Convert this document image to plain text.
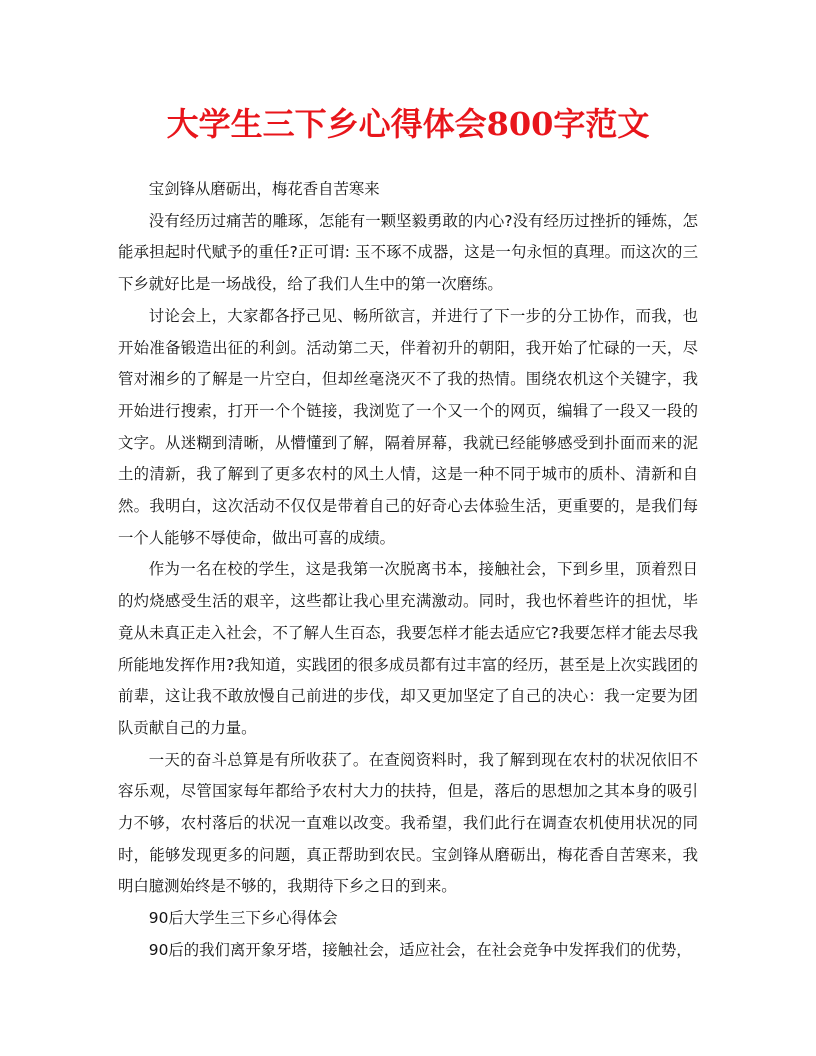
大学生三下乡心得体会800字范文

宝剑锋从磨砺出，梅花香自苦寒来

没有经历过痛苦的雕琢，怎能有一颗坚毅勇敢的内心?没有经历过挫折的锤炼，怎能承担起时代赋予的重任?正可谓: 玉不琢不成器，这是一句永恒的真理。而这次的三下乡就好比是一场战役，给了我们人生中的第一次磨练。

讨论会上，大家都各抒己见、畅所欲言，并进行了下一步的分工协作，而我，也开始准备锻造出征的利剑。活动第二天，伴着初升的朝阳，我开始了忙碌的一天，尽管对湘乡的了解是一片空白，但却丝毫浇灭不了我的热情。围绕农机这个关键字，我开始进行搜索，打开一个个链接，我浏览了一个又一个的网页，编辑了一段又一段的文字。从迷糊到清晰，从懵懂到了解，隔着屏幕，我就已经能够感受到扑面而来的泥土的清新，我了解到了更多农村的风土人情，这是一种不同于城市的质朴、清新和自然。我明白，这次活动不仅仅是带着自己的好奇心去体验生活，更重要的，是我们每一个人能够不辱使命，做出可喜的成绩。

作为一名在校的学生，这是我第一次脱离书本，接触社会，下到乡里，顶着烈日的灼烧感受生活的艰辛，这些都让我心里充满激动。同时，我也怀着些许的担忧，毕竟从未真正走入社会，不了解人生百态，我要怎样才能去适应它?我要怎样才能去尽我所能地发挥作用?我知道，实践团的很多成员都有过丰富的经历，甚至是上次实践团的前辈，这让我不敢放慢自己前进的步伐，却又更加坚定了自己的决心：我一定要为团队贡献自己的力量。

一天的奋斗总算是有所收获了。在查阅资料时，我了解到现在农村的状况依旧不容乐观，尽管国家每年都给予农村大力的扶持，但是，落后的思想加之其本身的吸引力不够，农村落后的状况一直难以改变。我希望，我们此行在调查农机使用状况的同时，能够发现更多的问题，真正帮助到农民。宝剑锋从磨砺出，梅花香自苦寒来，我明白臆测始终是不够的，我期待下乡之日的到来。

90后大学生三下乡心得体会

90后的我们离开象牙塔，接触社会，适应社会，在社会竞争中发挥我们的优势，
